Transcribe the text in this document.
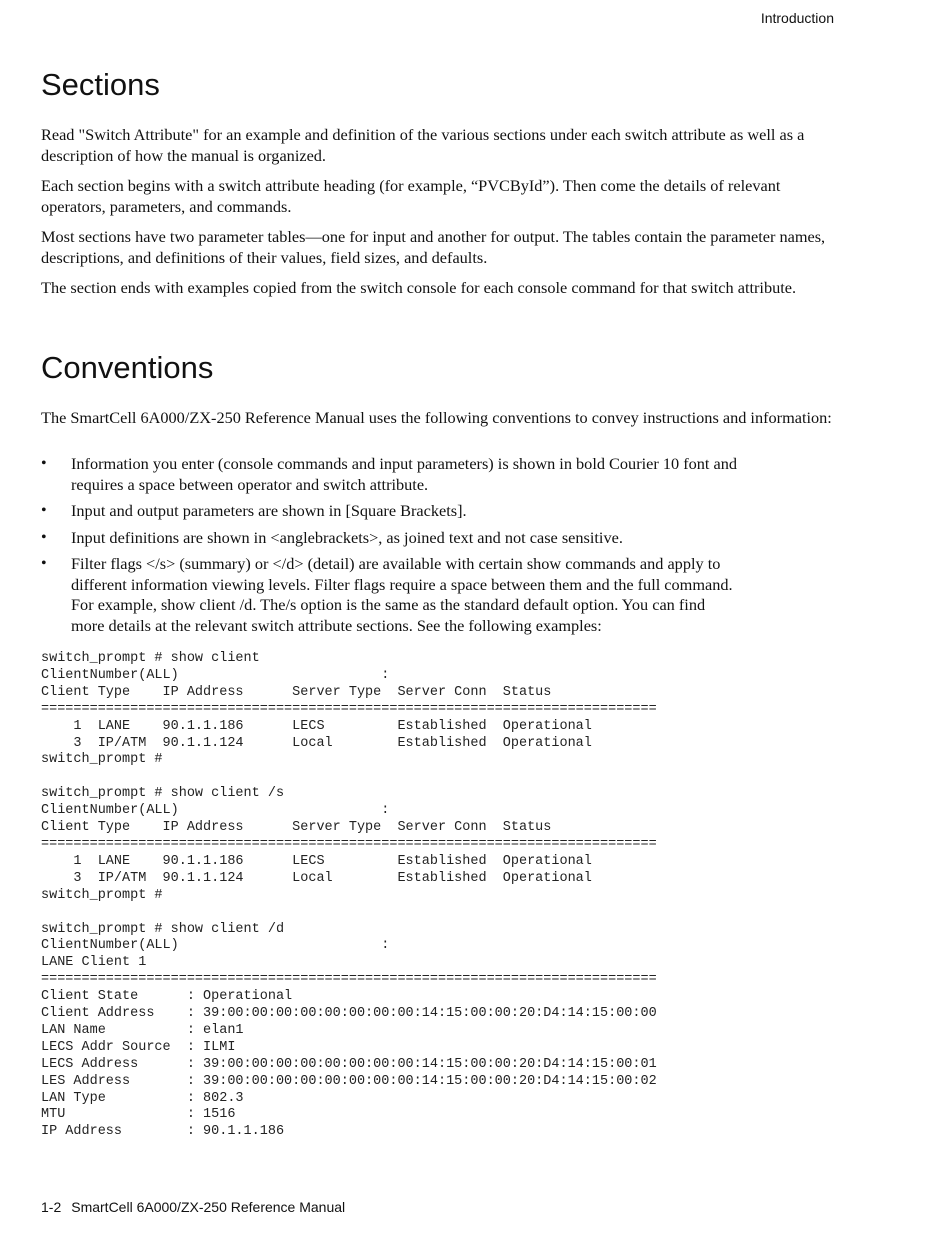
Introduction
Sections

Read "Switch Attribute" for an example and definition of the various sections under each switch attribute as well as a description of how the manual is organized.

Each section begins with a switch attribute heading (for example, “PVCById”). Then come the details of relevant operators, parameters, and commands.

Most sections have two parameter tables—one for input and another for output. The tables contain the parameter names, descriptions, and definitions of their values, field sizes, and defaults.

The section ends with examples copied from the switch console for each console command for that switch attribute.

Conventions

The SmartCell 6A000/ZX-250 Reference Manual uses the following conventions to convey instructions and information:

• Information you enter (console commands and input parameters) is shown in bold Courier 10 font and requires a space between operator and switch attribute.
• Input and output parameters are shown in [Square Brackets].
• Input definitions are shown in <anglebrackets>, as joined text and not case sensitive.
• Filter flags </s> (summary) or </d> (detail) are available with certain show commands and apply to different information viewing levels. Filter flags require a space between them and the full command. For example, show client /d. The/s option is the same as the standard default option. You can find more details at the relevant switch attribute sections. See the following examples:
switch_prompt # show client
ClientNumber(ALL)                         :
Client Type    IP Address      Server Type  Server Conn  Status
============================================================================
1  LANE    90.1.1.186      LECS         Established  Operational
3  IP/ATM  90.1.1.124      Local        Established  Operational
switch_prompt #

switch_prompt # show client /s
ClientNumber(ALL)                         :
Client Type    IP Address      Server Type  Server Conn  Status
============================================================================
1  LANE    90.1.1.186      LECS         Established  Operational
3  IP/ATM  90.1.1.124      Local        Established  Operational
switch_prompt #

switch_prompt # show client /d
ClientNumber(ALL)                         :
LANE Client 1
============================================================================
Client State      : Operational
Client Address    : 39:00:00:00:00:00:00:00:00:14:15:00:00:20:D4:14:15:00:00
LAN Name          : elan1
LECS Addr Source  : ILMI
LECS Address      : 39:00:00:00:00:00:00:00:00:14:15:00:00:20:D4:14:15:00:01
LES Address       : 39:00:00:00:00:00:00:00:00:14:15:00:00:20:D4:14:15:00:02
LAN Type          : 802.3
MTU               : 1516
IP Address        : 90.1.1.186
1-2 SmartCell 6A000/ZX-250 Reference Manual
